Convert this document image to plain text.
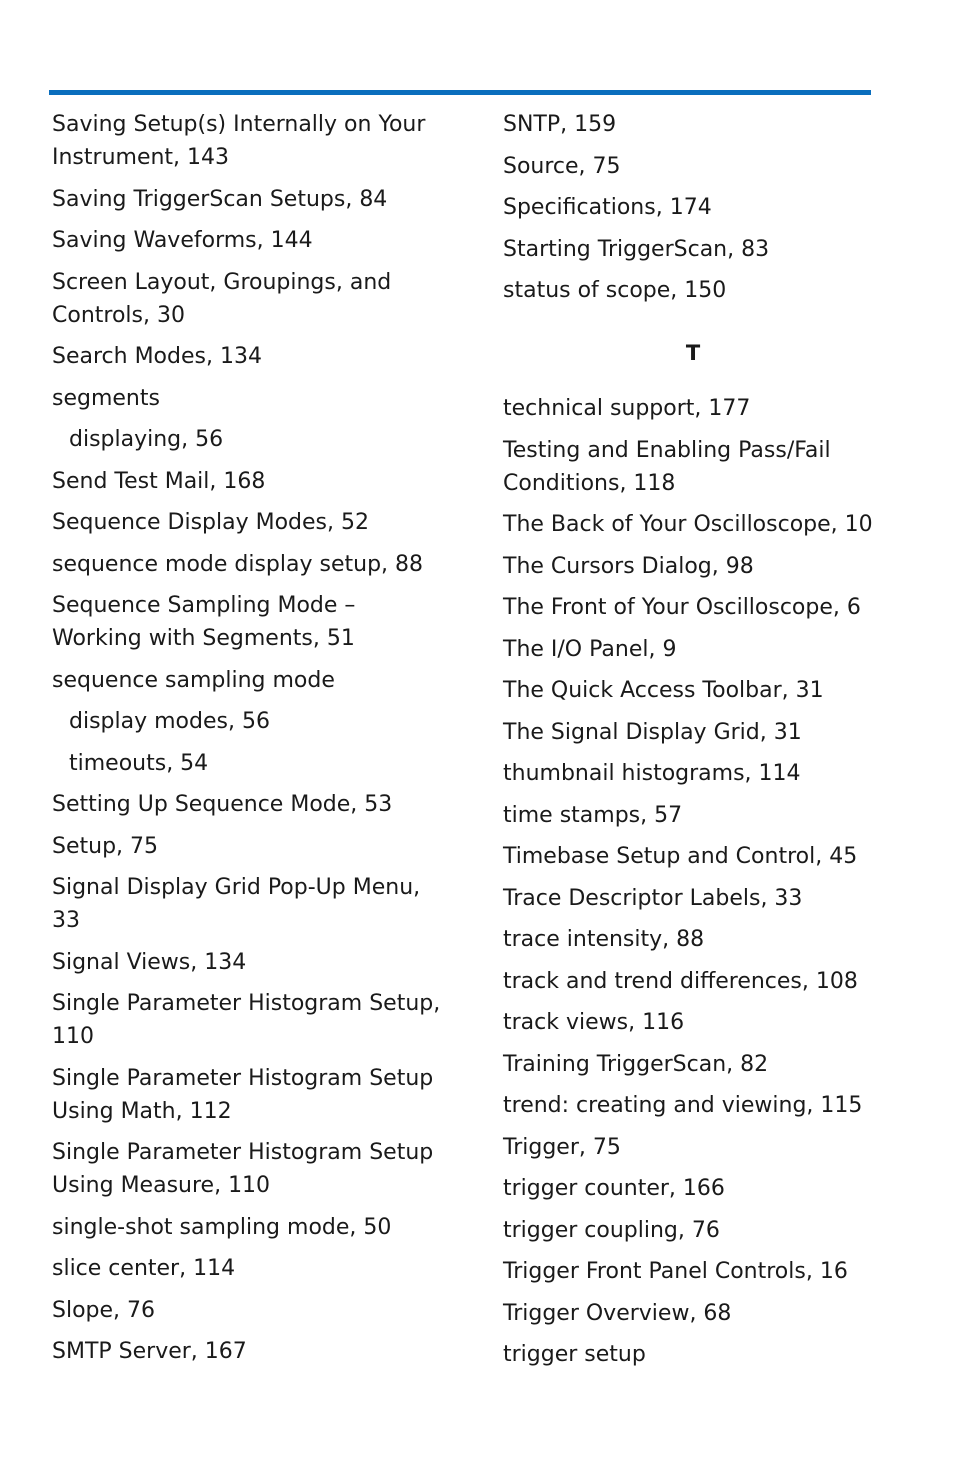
Saving Setup(s) Internally on Your Instrument, 143
Saving TriggerScan Setups, 84
Saving Waveforms, 144
Screen Layout, Groupings, and Controls, 30
Search Modes, 134
segments
displaying, 56
Send Test Mail, 168
Sequence Display Modes, 52
sequence mode display setup, 88
Sequence Sampling Mode – Working with Segments, 51
sequence sampling mode
display modes, 56
timeouts, 54
Setting Up Sequence Mode, 53
Setup, 75
Signal Display Grid Pop-Up Menu, 33
Signal Views, 134
Single Parameter Histogram Setup, 110
Single Parameter Histogram Setup Using Math, 112
Single Parameter Histogram Setup Using Measure, 110
single-shot sampling mode, 50
slice center, 114
Slope, 76
SMTP Server, 167
SNTP, 159
Source, 75
Specifications, 174
Starting TriggerScan, 83
status of scope, 150
T
technical support, 177
Testing and Enabling Pass/Fail Conditions, 118
The Back of Your Oscilloscope, 10
The Cursors Dialog, 98
The Front of Your Oscilloscope, 6
The I/O Panel, 9
The Quick Access Toolbar, 31
The Signal Display Grid, 31
thumbnail histograms, 114
time stamps, 57
Timebase Setup and Control, 45
Trace Descriptor Labels, 33
trace intensity, 88
track and trend differences, 108
track views, 116
Training TriggerScan, 82
trend: creating and viewing, 115
Trigger, 75
trigger counter, 166
trigger coupling, 76
Trigger Front Panel Controls, 16
Trigger Overview, 68
trigger setup
